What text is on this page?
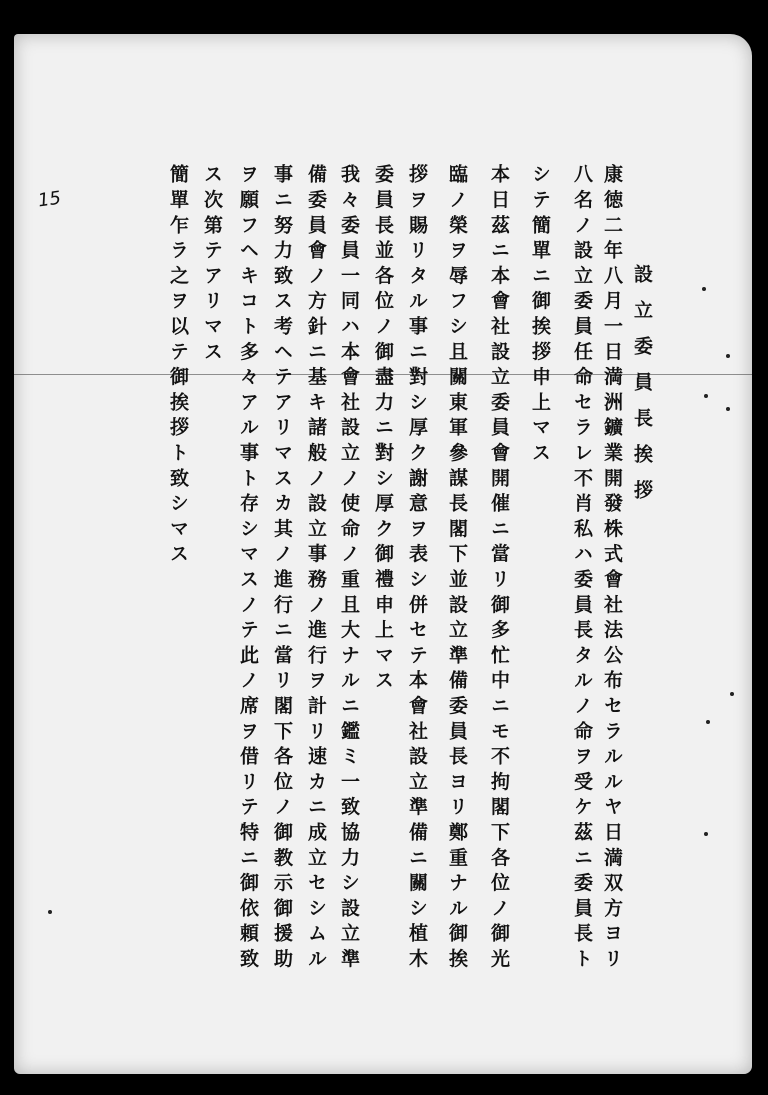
15
設立委員長挨拶
康徳二年八月一日満洲鑛業開發株式會社法公布セラルルヤ日満双方ヨリ
八名ノ設立委員任命セラレ不肖私ハ委員長タルノ命ヲ受ケ茲ニ委員長ト
シテ簡單ニ御挨拶申上マス
本日茲ニ本會社設立委員會開催ニ當リ御多忙中ニモ不拘閣下各位ノ御光
臨ノ榮ヲ辱フシ且關東軍參謀長閣下並設立準備委員長ヨリ鄭重ナル御挨
拶ヲ賜リタル事ニ對シ厚ク謝意ヲ表シ併セテ本會社設立準備ニ關シ植木
委員長並各位ノ御盡力ニ對シ厚ク御禮申上マス
我々委員一同ハ本會社設立ノ使命ノ重且大ナルニ鑑ミ一致協力シ設立準
備委員會ノ方針ニ基キ諸般ノ設立事務ノ進行ヲ計リ速カニ成立セシムル
事ニ努力致ス考ヘテアリマスカ其ノ進行ニ當リ閣下各位ノ御教示御援助
ヲ願フヘキコト多々アル事ト存シマスノテ此ノ席ヲ借リテ特ニ御依頼致
ス次第テアリマス
簡單乍ラ之ヲ以テ御挨拶ト致シマス
